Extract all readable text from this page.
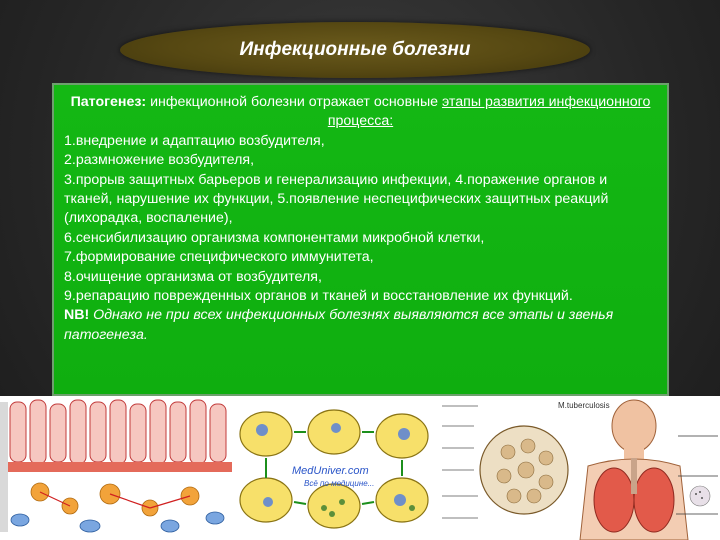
Инфекционные болезни

Патогенез: инфекционной болезни отражает основные этапы развития инфекционного процесса:

1.внедрение и адаптацию возбудителя,

2.размножение возбудителя,

3.прорыв защитных барьеров и генерализацию инфекции, 4.поражение органов и тканей, нарушение их функции, 5.появление неспецифических защитных реакций (лихорадка, воспаление),

6.сенсибилизацию организма компонентами микробной клетки,

7.формирование специфического иммунитета,

8.очищение организма от возбудителя,

9.репарацию поврежденных органов и тканей и восстановление их функций.

NB! Однако не при всех инфекционных болезнях выявляются все этапы и звенья патогенеза.

MedUniver.com
Всё по медицине...
M.tuberculosis
